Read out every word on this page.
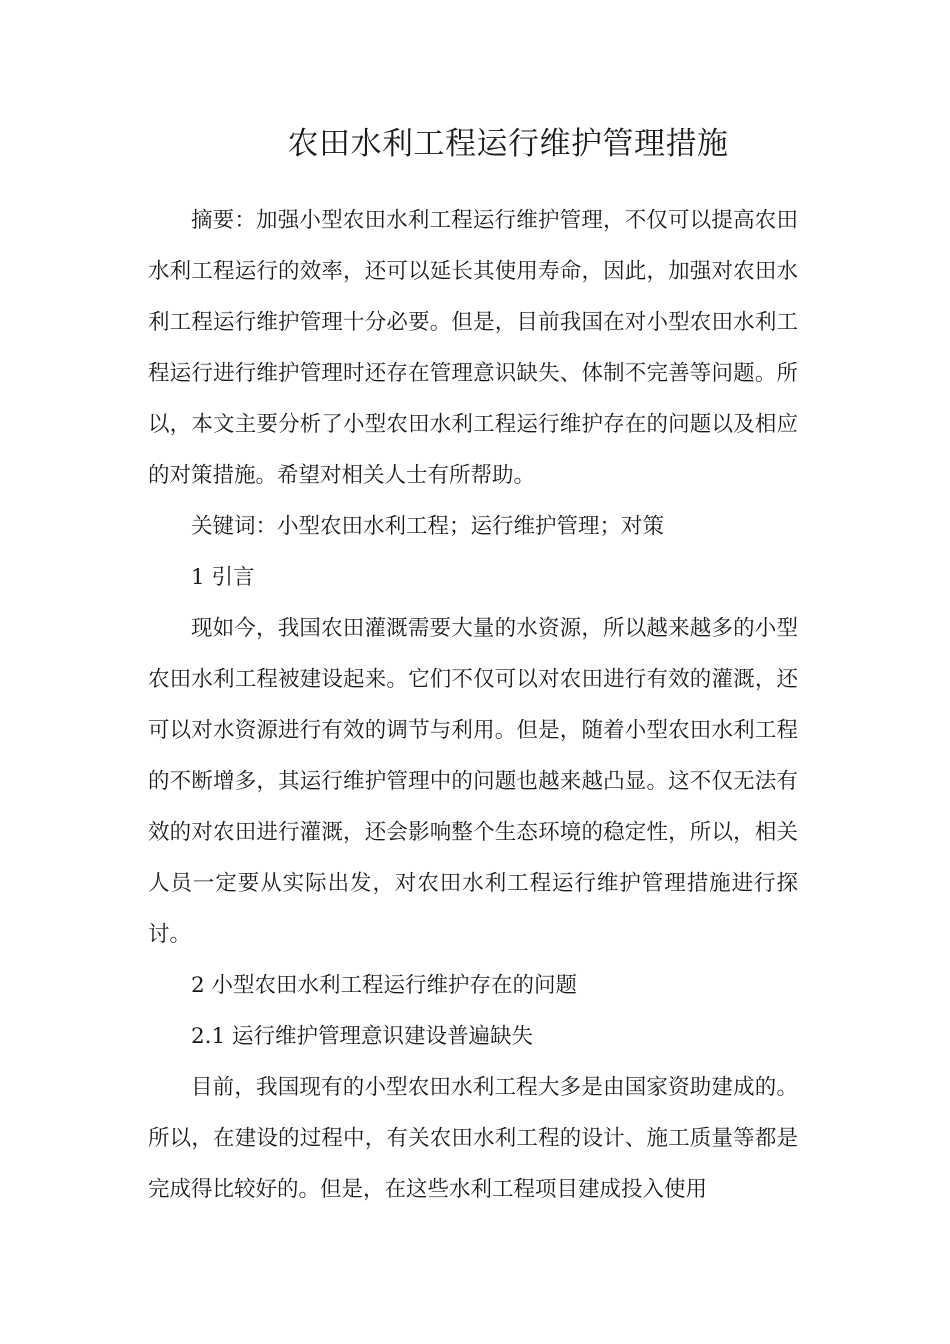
农田水利工程运行维护管理措施

摘要：加强小型农田水利工程运行维护管理，不仅可以提高农田水利工程运行的效率，还可以延长其使用寿命，因此，加强对农田水利工程运行维护管理十分必要。但是，目前我国在对小型农田水利工程运行进行维护管理时还存在管理意识缺失、体制不完善等问题。所以，本文主要分析了小型农田水利工程运行维护存在的问题以及相应的对策措施。希望对相关人士有所帮助。

关键词：小型农田水利工程；运行维护管理；对策

1 引言

现如今，我国农田灌溉需要大量的水资源，所以越来越多的小型农田水利工程被建设起来。它们不仅可以对农田进行有效的灌溉，还可以对水资源进行有效的调节与利用。但是，随着小型农田水利工程的不断增多，其运行维护管理中的问题也越来越凸显。这不仅无法有效的对农田进行灌溉，还会影响整个生态环境的稳定性，所以，相关人员一定要从实际出发，对农田水利工程运行维护管理措施进行探讨。

2 小型农田水利工程运行维护存在的问题

2.1 运行维护管理意识建设普遍缺失

目前，我国现有的小型农田水利工程大多是由国家资助建成的。所以，在建设的过程中，有关农田水利工程的设计、施工质量等都是完成得比较好的。但是，在这些水利工程项目建成投入使用
